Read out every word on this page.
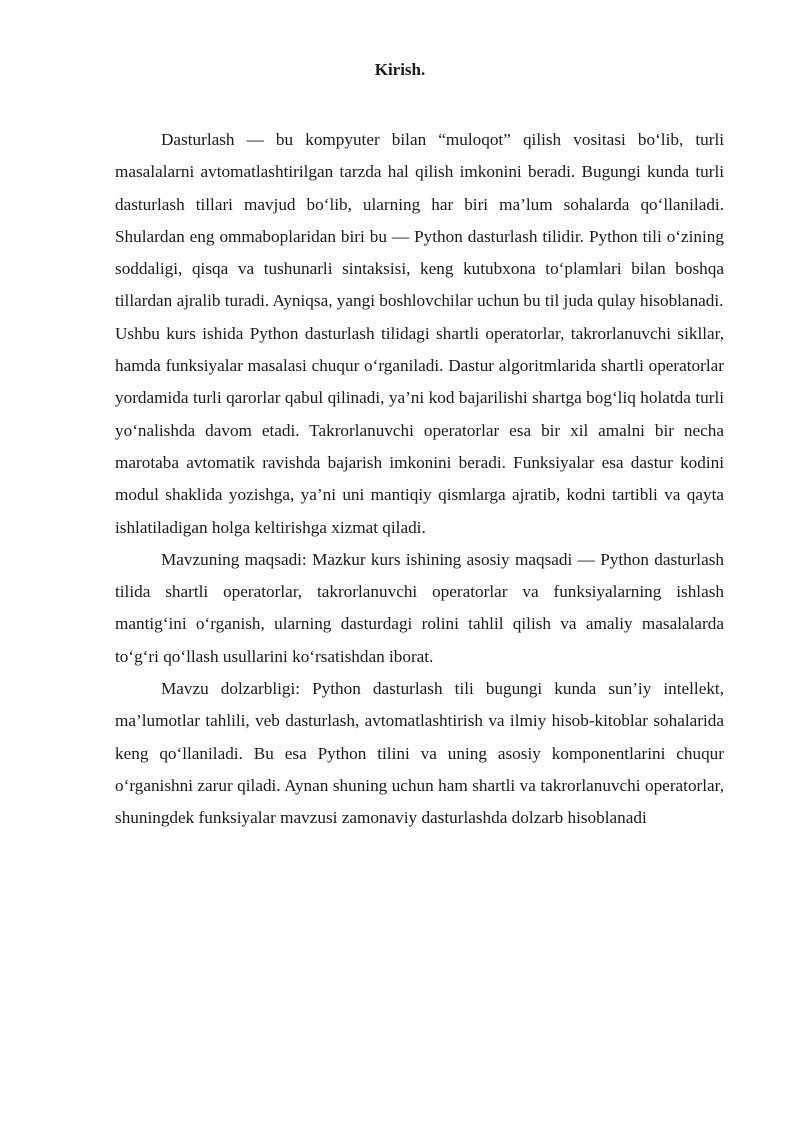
Kirish.

Dasturlash — bu kompyuter bilan “muloqot” qilish vositasi bo‘lib, turli masalalarni avtomatlashtirilgan tarzda hal qilish imkonini beradi. Bugungi kunda turli dasturlash tillari mavjud bo‘lib, ularning har biri ma’lum sohalarda qo‘llaniladi. Shulardan eng ommaboplaridan biri bu — Python dasturlash tilidir. Python tili o‘zining soddaligi, qisqa va tushunarli sintaksisi, keng kutubxona to‘plamlari bilan boshqa tillardan ajralib turadi. Ayniqsa, yangi boshlovchilar uchun bu til juda qulay hisoblanadi.

Ushbu kurs ishida Python dasturlash tilidagi shartli operatorlar, takrorlanuvchi sikllar, hamda funksiyalar masalasi chuqur o‘rganiladi. Dastur algoritmlarida shartli operatorlar yordamida turli qarorlar qabul qilinadi, ya’ni kod bajarilishi shartga bog‘liq holatda turli yo‘nalishda davom etadi. Takrorlanuvchi operatorlar esa bir xil amalni bir necha marotaba avtomatik ravishda bajarish imkonini beradi. Funksiyalar esa dastur kodini modul shaklida yozishga, ya’ni uni mantiqiy qismlarga ajratib, kodni tartibli va qayta ishlatiladigan holga keltirishga xizmat qiladi.

Mavzuning maqsadi: Mazkur kurs ishining asosiy maqsadi — Python dasturlash tilida shartli operatorlar, takrorlanuvchi operatorlar va funksiyalarning ishlash mantig‘ini o‘rganish, ularning dasturdagi rolini tahlil qilish va amaliy masalalarda to‘g‘ri qo‘llash usullarini ko‘rsatishdan iborat.

Mavzu dolzarbligi: Python dasturlash tili bugungi kunda sun’iy intellekt, ma’lumotlar tahlili, veb dasturlash, avtomatlashtirish va ilmiy hisob-kitoblar sohalarida keng qo‘llaniladi. Bu esa Python tilini va uning asosiy komponentlarini chuqur o‘rganishni zarur qiladi. Aynan shuning uchun ham shartli va takrorlanuvchi operatorlar, shuningdek funksiyalar mavzusi zamonaviy dasturlashda dolzarb hisoblanadi
